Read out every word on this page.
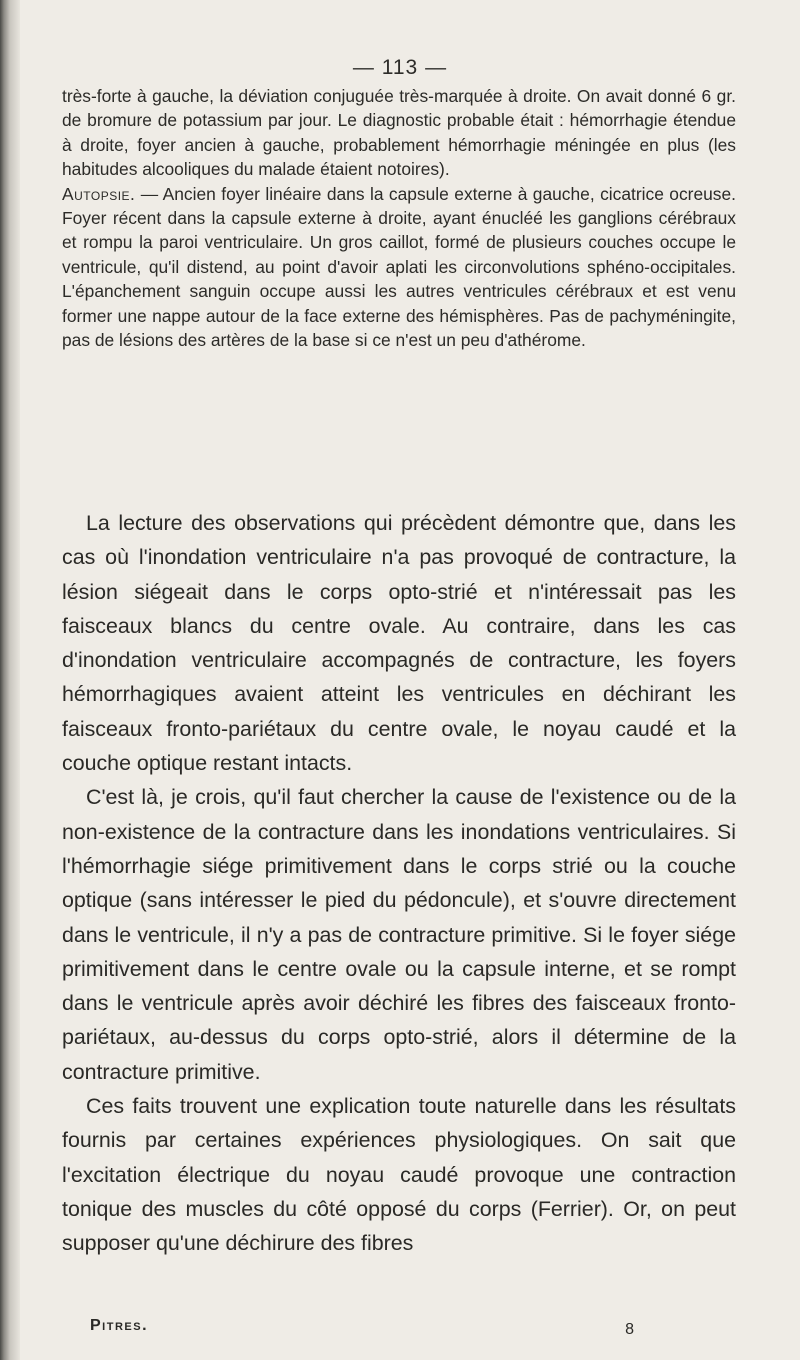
— 113 —

très-forte à gauche, la déviation conjuguée très-marquée à droite. On avait donné 6 gr. de bromure de potassium par jour. Le diagnostic probable était : hémorrhagie étendue à droite, foyer ancien à gauche, probablement hémorrhagie méningée en plus (les habitudes alcooliques du malade étaient notoires).

Autopsie. — Ancien foyer linéaire dans la capsule externe à gauche, cicatrice ocreuse. Foyer récent dans la capsule externe à droite, ayant énucléé les ganglions cérébraux et rompu la paroi ventriculaire. Un gros caillot, formé de plusieurs couches occupe le ventricule, qu'il distend, au point d'avoir aplati les circonvolutions sphéno-occipitales. L'épanchement sanguin occupe aussi les autres ventricules cérébraux et est venu former une nappe autour de la face externe des hémisphères. Pas de pachyméningite, pas de lésions des artères de la base si ce n'est un peu d'athérome.

La lecture des observations qui précèdent démontre que, dans les cas où l'inondation ventriculaire n'a pas provoqué de contracture, la lésion siégeait dans le corps opto-strié et n'intéressait pas les faisceaux blancs du centre ovale. Au contraire, dans les cas d'inondation ventriculaire accompagnés de contracture, les foyers hémorrhagiques avaient atteint les ventricules en déchirant les faisceaux fronto-pariétaux du centre ovale, le noyau caudé et la couche optique restant intacts.

C'est là, je crois, qu'il faut chercher la cause de l'existence ou de la non-existence de la contracture dans les inondations ventriculaires. Si l'hémorrhagie siége primitivement dans le corps strié ou la couche optique (sans intéresser le pied du pédoncule), et s'ouvre directement dans le ventricule, il n'y a pas de contracture primitive. Si le foyer siége primitivement dans le centre ovale ou la capsule interne, et se rompt dans le ventricule après avoir déchiré les fibres des faisceaux fronto-pariétaux, au-dessus du corps opto-strié, alors il détermine de la contracture primitive.

Ces faits trouvent une explication toute naturelle dans les résultats fournis par certaines expériences physiologiques. On sait que l'excitation électrique du noyau caudé provoque une contraction tonique des muscles du côté opposé du corps (Ferrier). Or, on peut supposer qu'une déchirure des fibres

Pitres.	8
